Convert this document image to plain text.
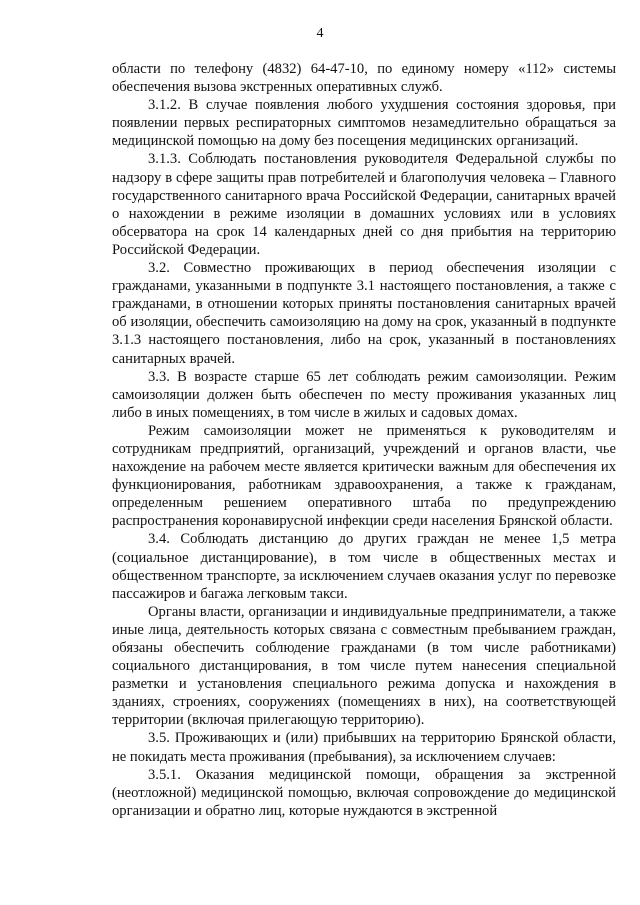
4

области по телефону (4832) 64-47-10, по единому номеру «112» системы обеспечения вызова экстренных оперативных служб.

3.1.2. В случае появления любого ухудшения состояния здоровья, при появлении первых респираторных симптомов незамедлительно обращаться за медицинской помощью на дому без посещения медицинских организаций.

3.1.3. Соблюдать постановления руководителя Федеральной службы по надзору в сфере защиты прав потребителей и благополучия человека – Главного государственного санитарного врача Российской Федерации, санитарных врачей о нахождении в режиме изоляции в домашних условиях или в условиях обсерватора на срок 14 календарных дней со дня прибытия на территорию Российской Федерации.

3.2. Совместно проживающих в период обеспечения изоляции с гражданами, указанными в подпункте 3.1 настоящего постановления, а также с гражданами, в отношении которых приняты постановления санитарных врачей об изоляции, обеспечить самоизоляцию на дому на срок, указанный в подпункте 3.1.3 настоящего постановления, либо на срок, указанный в постановлениях санитарных врачей.

3.3. В возрасте старше 65 лет соблюдать режим самоизоляции. Режим самоизоляции должен быть обеспечен по месту проживания указанных лиц либо в иных помещениях, в том числе в жилых и садовых домах.

Режим самоизоляции может не применяться к руководителям и сотрудникам предприятий, организаций, учреждений и органов власти, чье нахождение на рабочем месте является критически важным для обеспечения их функционирования, работникам здравоохранения, а также к гражданам, определенным решением оперативного штаба по предупреждению распространения коронавирусной инфекции среди населения Брянской области.

3.4. Соблюдать дистанцию до других граждан не менее 1,5 метра (социальное дистанцирование), в том числе в общественных местах и общественном транспорте, за исключением случаев оказания услуг по перевозке пассажиров и багажа легковым такси.

Органы власти, организации и индивидуальные предприниматели, а также иные лица, деятельность которых связана с совместным пребыванием граждан, обязаны обеспечить соблюдение гражданами (в том числе работниками) социального дистанцирования, в том числе путем нанесения специальной разметки и установления специального режима допуска и нахождения в зданиях, строениях, сооружениях (помещениях в них), на соответствующей территории (включая прилегающую территорию).

3.5. Проживающих и (или) прибывших на территорию Брянской области, не покидать места проживания (пребывания), за исключением случаев:

3.5.1. Оказания медицинской помощи, обращения за экстренной (неотложной) медицинской помощью, включая сопровождение до медицинской организации и обратно лиц, которые нуждаются в экстренной
